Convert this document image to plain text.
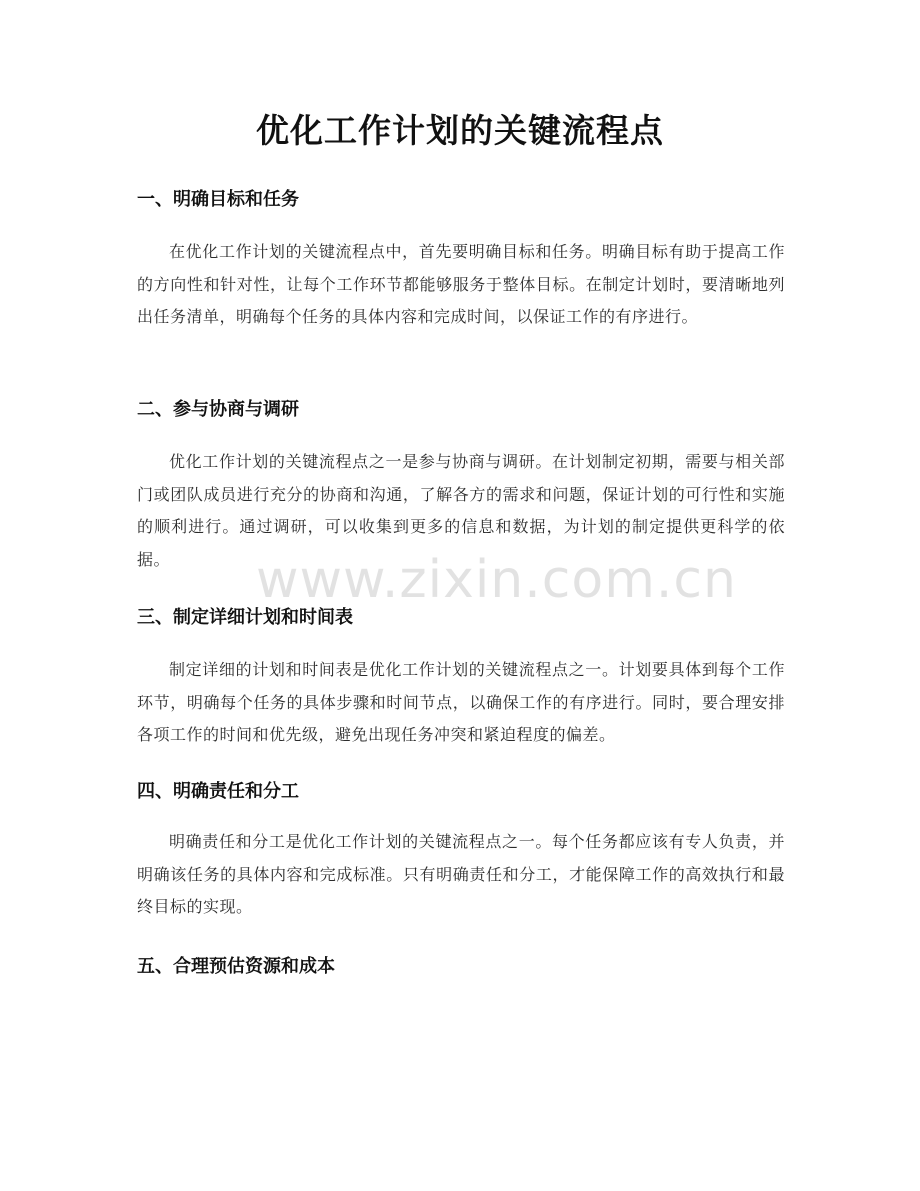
优化工作计划的关键流程点
一、明确目标和任务

在优化工作计划的关键流程点中，首先要明确目标和任务。明确目标有助于提高工作的方向性和针对性，让每个工作环节都能够服务于整体目标。在制定计划时，要清晰地列出任务清单，明确每个任务的具体内容和完成时间，以保证工作的有序进行。

二、参与协商与调研

优化工作计划的关键流程点之一是参与协商与调研。在计划制定初期，需要与相关部门或团队成员进行充分的协商和沟通，了解各方的需求和问题，保证计划的可行性和实施的顺利进行。通过调研，可以收集到更多的信息和数据，为计划的制定提供更科学的依据。

三、制定详细计划和时间表

制定详细的计划和时间表是优化工作计划的关键流程点之一。计划要具体到每个工作环节，明确每个任务的具体步骤和时间节点，以确保工作的有序进行。同时，要合理安排各项工作的时间和优先级，避免出现任务冲突和紧迫程度的偏差。

四、明确责任和分工

明确责任和分工是优化工作计划的关键流程点之一。每个任务都应该有专人负责，并明确该任务的具体内容和完成标准。只有明确责任和分工，才能保障工作的高效执行和最终目标的实现。

五、合理预估资源和成本
www.zixin.com.cn
